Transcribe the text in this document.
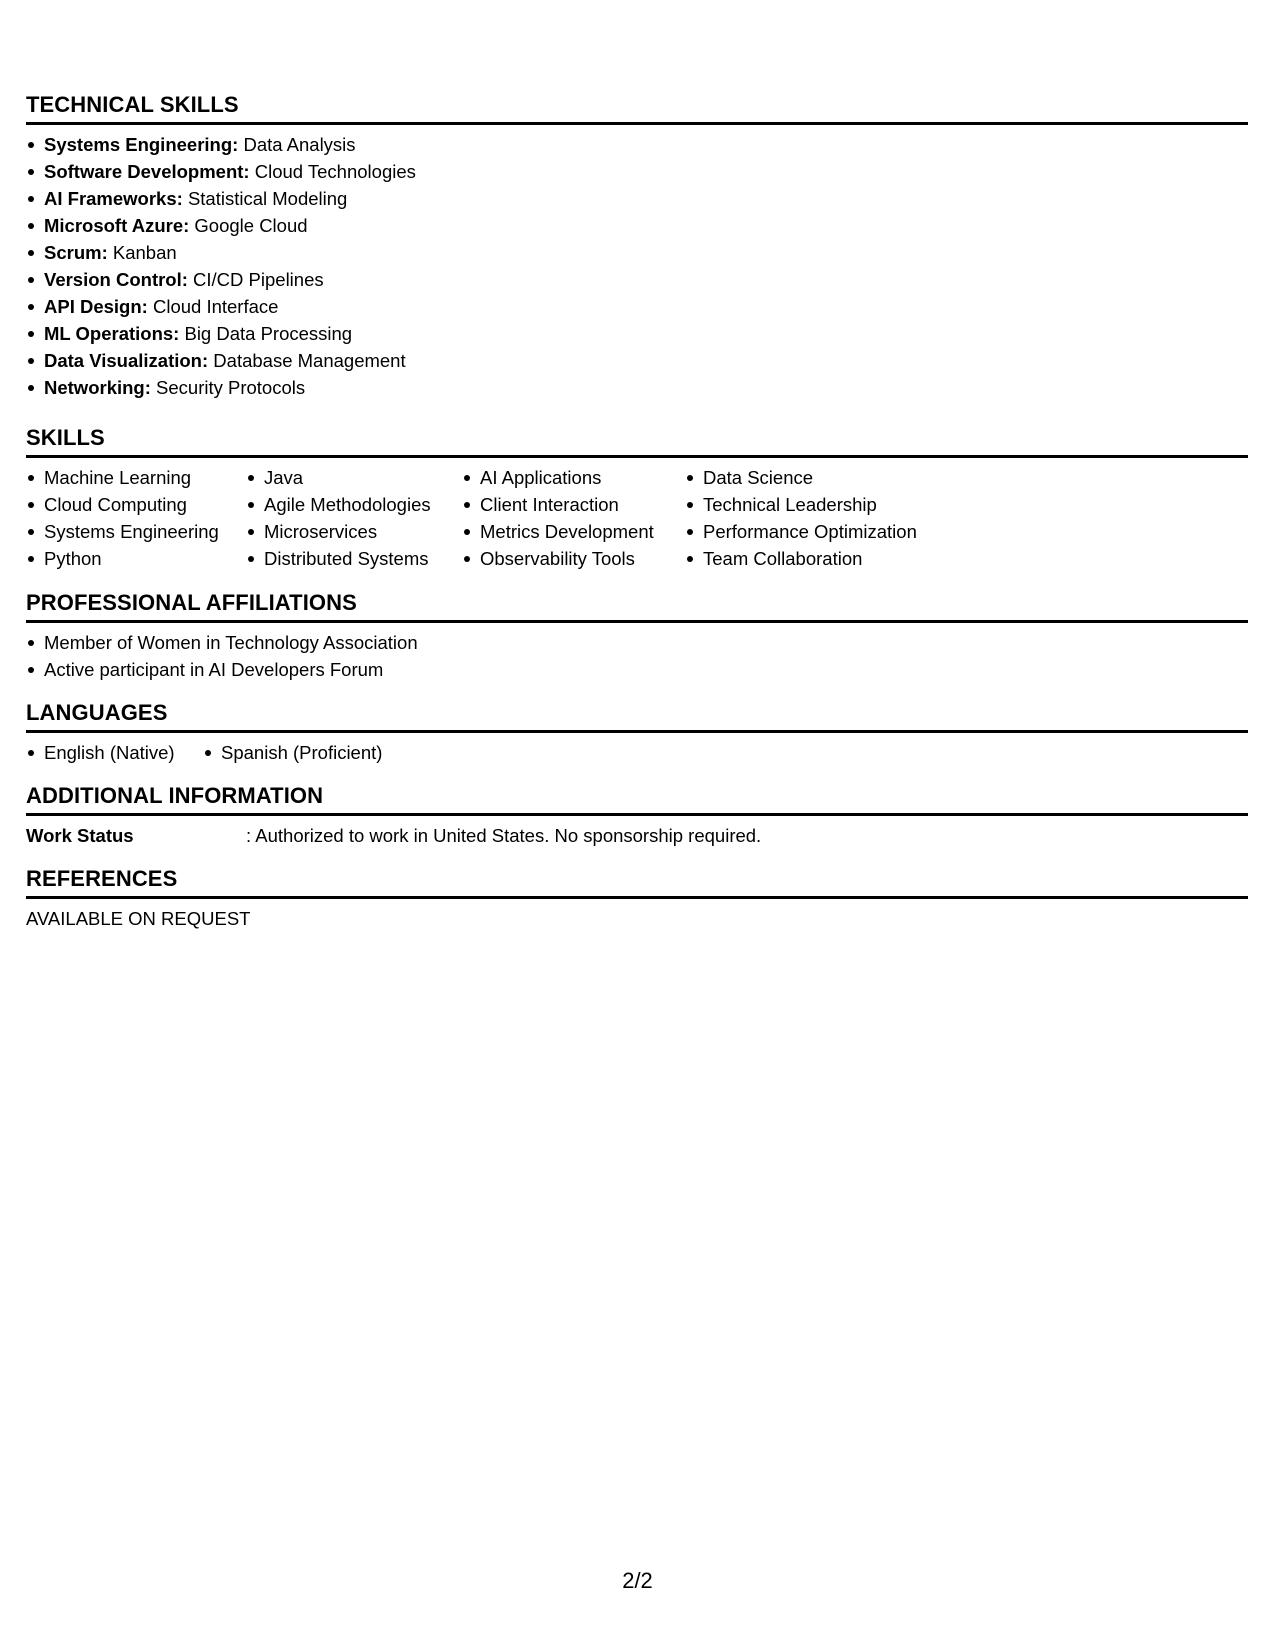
TECHNICAL SKILLS
Systems Engineering: Data Analysis
Software Development: Cloud Technologies
AI Frameworks: Statistical Modeling
Microsoft Azure: Google Cloud
Scrum: Kanban
Version Control: CI/CD Pipelines
API Design: Cloud Interface
ML Operations: Big Data Processing
Data Visualization: Database Management
Networking: Security Protocols
SKILLS
Machine Learning
Cloud Computing
Systems Engineering
Python
Java
Agile Methodologies
Microservices
Distributed Systems
AI Applications
Client Interaction
Metrics Development
Observability Tools
Data Science
Technical Leadership
Performance Optimization
Team Collaboration
PROFESSIONAL AFFILIATIONS
Member of Women in Technology Association
Active participant in AI Developers Forum
LANGUAGES
English (Native)	Spanish (Proficient)
ADDITIONAL INFORMATION
Work Status	: Authorized to work in United States. No sponsorship required.
REFERENCES
AVAILABLE ON REQUEST
2/2
